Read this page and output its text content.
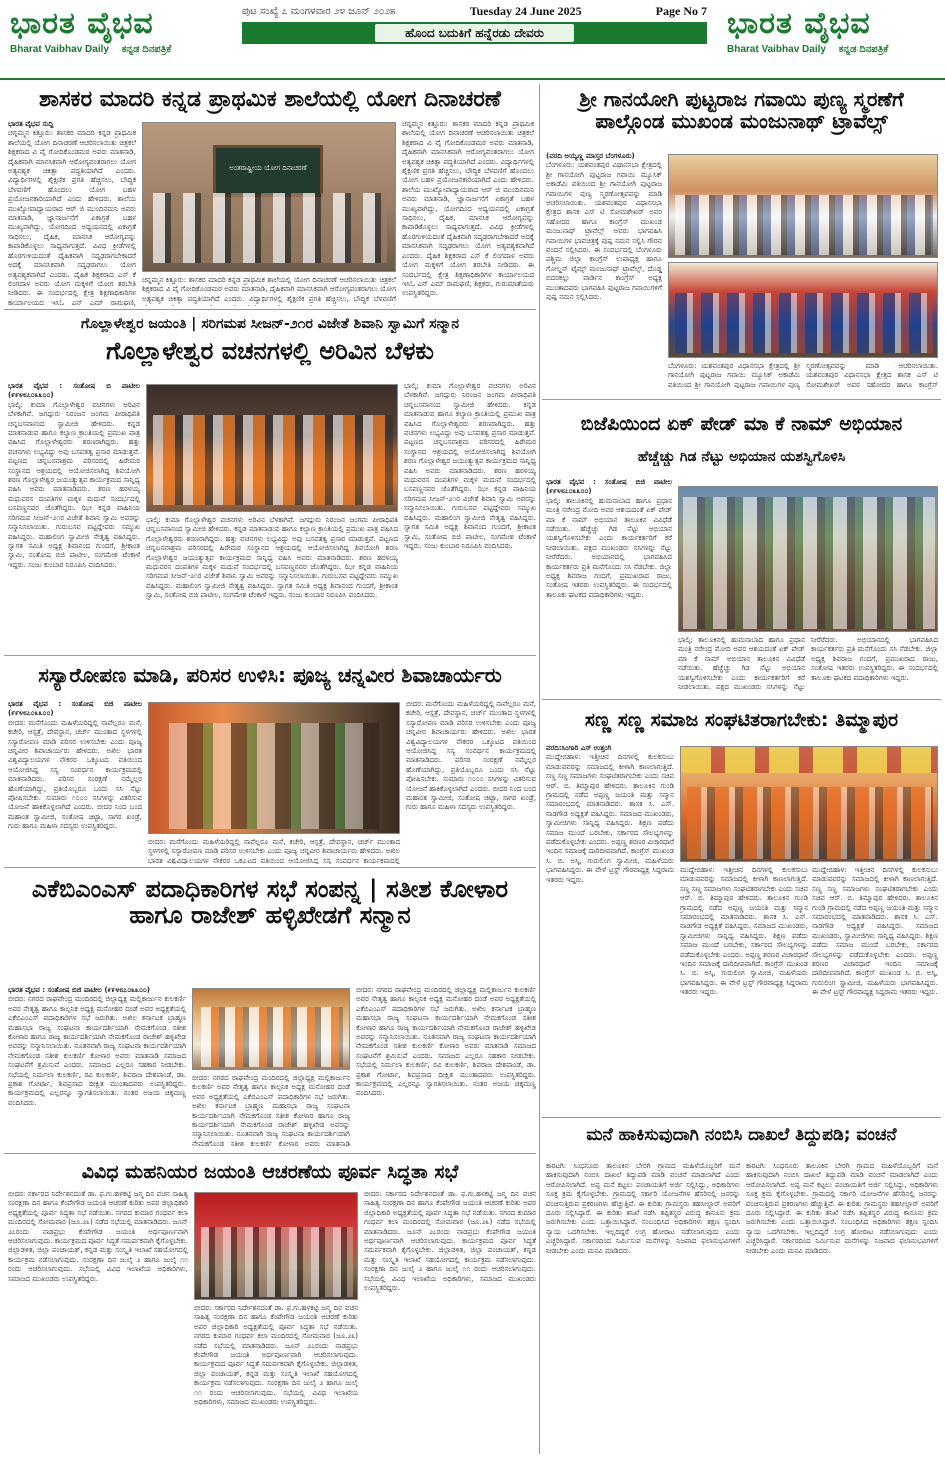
ಭಾರತ ವೈಭವ
Bharat Vaibhav Daily ಕನ್ನಡ ದಿನಪತ್ರಿಕೆ
ಪುಟ ಸಂಖ್ಯೆ ೭ ಮಂಗಳವಾರ ೨೪ ಜೂನ್ ೨೦೨೫	Tuesday 24 June 2025	Page No 7
ಹೊಂದ ಬದುಕಿಗೆ ಹನ್ನೆರಡು ದೇವರು	ಭಾರತ ವೈಭವ
Bharat Vaibhav Daily ಕನ್ನಡ ದಿನಪತ್ರಿಕೆ
ಶಾಸಕರ ಮಾದರಿ ಕನ್ನಡ ಪ್ರಾಥಮಿಕ ಶಾಲೆಯಲ್ಲಿ ಯೋಗ ದಿನಾಚರಣೆ
ಭಾರತ ವೈಭವ ಸುದ್ದಿ
ಚನ್ನಮ್ಮನ ಕಿತ್ತೂರು: ಶಾಸಕರ ಮಾದರಿ ಕನ್ನಡ ಪ್ರಾಥಮಿಕ ಶಾಲೆಯಲ್ಲಿ ಯೋಗ ದಿನಾಚರಣೆ ಆಚರಿಸಲಾಯಿತು ಚಿತ್ರಕಲೆ ಶಿಕ್ಷಕರಾದ ವಿ ವೈ ಗೋದಿಕೊಂಡಮಠ ಅವರು ಮಾತನಾಡಿ, ದೈಹಿಕವಾಗಿ ಮಾನಸಿಕವಾಗಿ ಆರೋಗ್ಯವಂತರಾಗಲು ಯೋಗ ಅತ್ಯವಶ್ಯಕ ಚಿಕಿತ್ಸಾ ಪದ್ಧತಿಯಾಗಿದೆ ಎಂದರು. ವಿದ್ಯಾರ್ಥಿಗಳಲ್ಲಿ ಶೈಕ್ಷಣಿಕ ಪ್ರಗತಿ ಹೆಚ್ಚಿಸಲು, ಬೌದ್ಧಿಕ ಬೆಳವಣಿಗೆ ಹೊಂದಲು ಯೋಗ ಬಹಳ ಪ್ರಯೋಜನಕಾರಿಯಾಗಿದೆ ಎಂದು ಹೇಳಿದರು. ಶಾಲೆಯ ಮುಖ್ಯೋಪಾಧ್ಯಾಯರಾದ ಆರ್ ಜಿ ಮುಂದಿನಮನಿ ಅವರು ಮಾತನಾಡಿ, ಜ್ಞಾನಾರ್ಜನೆಗೆ ಏಕಾಗ್ರತೆ ಬಹಳ ಮುಖ್ಯವಾಗಿದ್ದು, ಯೋಗದಿಂದ ಅಧ್ಯಯನದಲ್ಲಿ ಏಕಾಗ್ರತೆ ಸಾಧಿಸಲು, ದೈಹಿಕ, ಮಾನಸಿಕ ಆರೋಗ್ಯವನ್ನು ಕಾಪಾಡಿಕೊಳ್ಳಲು ಸಾಧ್ಯವಾಗುತ್ತದೆ. ವಿವಿಧ ಕ್ರೀಡೆಗಳಲ್ಲಿ ಹೊರಗುಳಿಯದಂತೆ ದೈಹಿಕವಾಗಿ ಸದೃಢರಾಗಬೇಕಾದರೆ ಅದಕ್ಕೆ ಮಾನಸಿಕವಾಗಿ ಸದೃಢರಾಗಲು ಯೋಗ ಅತ್ಯವಶ್ಯಕವಾಗಿದೆ ಎಂದರು. ದೈಹಿಕ ಶಿಕ್ಷಕರಾದ ಎಸ್ ಕೆ ಲಿಂಗದಾಳ ಅವರು ಯೋಗ ಮಕ್ಕಳಿಗೆ ಯೋಗ ತರಬೇತಿ ನೀಡಿದರು. ಈ ಸಂದರ್ಭದಲ್ಲಿ ಕ್ಷೇತ್ರ ಶಿಕ್ಷಣಾಧಿಕಾರಿಗಳ ಕಾರ್ಯಾಲಯದ ಇಸಿಓ ಎನ್ ಎಮ್ ರಾಮಘಣಿ,
ಅಂತರಾಷ್ಟ್ರೀಯ ಯೋಗ ದಿನಾಚರಣೆ
ಚನ್ನಮ್ಮನ ಕಿತ್ತೂರು: ಶಾಸಕರ ಮಾದರಿ ಕನ್ನಡ ಪ್ರಾಥಮಿಕ ಶಾಲೆಯಲ್ಲಿ ಯೋಗ ದಿನಾಚರಣೆ ಆಚರಿಸಲಾಯಿತು ಚಿತ್ರಕಲೆ ಶಿಕ್ಷಕರಾದ ವಿ ವೈ ಗೋದಿಕೊಂಡಮಠ ಅವರು ಮಾತನಾಡಿ, ದೈಹಿಕವಾಗಿ ಮಾನಸಿಕವಾಗಿ ಆರೋಗ್ಯವಂತರಾಗಲು ಯೋಗ ಅತ್ಯವಶ್ಯಕ ಚಿಕಿತ್ಸಾ ಪದ್ಧತಿಯಾಗಿದೆ ಎಂದರು. ವಿದ್ಯಾರ್ಥಿಗಳಲ್ಲಿ ಶೈಕ್ಷಣಿಕ ಪ್ರಗತಿ ಹೆಚ್ಚಿಸಲು, ಬೌದ್ಧಿಕ ಬೆಳವಣಿಗೆ
ಚನ್ನಮ್ಮನ ಕಿತ್ತೂರು: ಶಾಸಕರ ಮಾದರಿ ಕನ್ನಡ ಪ್ರಾಥಮಿಕ ಶಾಲೆಯಲ್ಲಿ ಯೋಗ ದಿನಾಚರಣೆ ಆಚರಿಸಲಾಯಿತು ಚಿತ್ರಕಲೆ ಶಿಕ್ಷಕರಾದ ವಿ ವೈ ಗೋದಿಕೊಂಡಮಠ ಅವರು ಮಾತನಾಡಿ, ದೈಹಿಕವಾಗಿ ಮಾನಸಿಕವಾಗಿ ಆರೋಗ್ಯವಂತರಾಗಲು ಯೋಗ ಅತ್ಯವಶ್ಯಕ ಚಿಕಿತ್ಸಾ ಪದ್ಧತಿಯಾಗಿದೆ ಎಂದರು. ವಿದ್ಯಾರ್ಥಿಗಳಲ್ಲಿ ಶೈಕ್ಷಣಿಕ ಪ್ರಗತಿ ಹೆಚ್ಚಿಸಲು, ಬೌದ್ಧಿಕ ಬೆಳವಣಿಗೆ ಹೊಂದಲು ಯೋಗ ಬಹಳ ಪ್ರಯೋಜನಕಾರಿಯಾಗಿದೆ ಎಂದು ಹೇಳಿದರು. ಶಾಲೆಯ ಮುಖ್ಯೋಪಾಧ್ಯಾಯರಾದ ಆರ್ ಜಿ ಮುಂದಿನಮನಿ ಅವರು ಮಾತನಾಡಿ, ಜ್ಞಾನಾರ್ಜನೆಗೆ ಏಕಾಗ್ರತೆ ಬಹಳ ಮುಖ್ಯವಾಗಿದ್ದು, ಯೋಗದಿಂದ ಅಧ್ಯಯನದಲ್ಲಿ ಏಕಾಗ್ರತೆ ಸಾಧಿಸಲು, ದೈಹಿಕ, ಮಾನಸಿಕ ಆರೋಗ್ಯವನ್ನು ಕಾಪಾಡಿಕೊಳ್ಳಲು ಸಾಧ್ಯವಾಗುತ್ತದೆ. ವಿವಿಧ ಕ್ರೀಡೆಗಳಲ್ಲಿ ಹೊರಗುಳಿಯದಂತೆ ದೈಹಿಕವಾಗಿ ಸದೃಢರಾಗಬೇಕಾದರೆ ಅದಕ್ಕೆ ಮಾನಸಿಕವಾಗಿ ಸದೃಢರಾಗಲು ಯೋಗ ಅತ್ಯವಶ್ಯಕವಾಗಿದೆ ಎಂದರು. ದೈಹಿಕ ಶಿಕ್ಷಕರಾದ ಎಸ್ ಕೆ ಲಿಂಗದಾಳ ಅವರು ಯೋಗ ಮಕ್ಕಳಿಗೆ ಯೋಗ ತರಬೇತಿ ನೀಡಿದರು. ಈ ಸಂದರ್ಭದಲ್ಲಿ ಕ್ಷೇತ್ರ ಶಿಕ್ಷಣಾಧಿಕಾರಿಗಳ ಕಾರ್ಯಾಲಯದ ಇಸಿಓ ಎನ್ ಎಮ್ ರಾಮಘಣಿ, ಶಿಕ್ಷಕರು, ಗುರುಮಾತೆಯರು ಉಪಸ್ಥಿತರಿದ್ದರು.
ಗೊಲ್ಲಾಳೇಶ್ವರ ಜಯಂತಿ | ಸರಿಗಮಪ ಸೀಜನ್-೨೧ರ ವಿಜೇತೆ ಶಿವಾನಿ ಸ್ವಾಮಿಗೆ ಸನ್ಮಾನ
ಗೊಲ್ಲಾಳೇಶ್ವರ ವಚನಗಳಲ್ಲಿ ಅರಿವಿನ ಬೆಳಕು
ಭಾರತ ವೈಭವ : ಸಂತೋಷ ಬಿ ಪಾಟೀಲ (೯೯೪೮೭೦೩೩೦೦)
ಭಾಲ್ಕಿ: ಕುಮಾ ಗೊಲ್ಲಾಳೇಶ್ವರ ವಚನಗಳು ಅರಿವಿನ ಬೆಳಕಾಗಿವೆ. ಜಗದ್ಗುರು ನಿರಂಜನ ಜಂಗಮ ಪೀಠಾಧಿಪತಿ ಚನ್ನಬಸವಾನಂದ ಸ್ವಾಮೀಜಿ ಹೇಳಿದರು. ಕನ್ನಡ ಮಾತನಾಡುವ ಹಾಗೂ ಕಲ್ಯಾಣ ಕ್ರಾಂತಿಯಲ್ಲಿ ಪ್ರಮುಖ ಪಾತ್ರ ವಹಿಸಿದ ಗೊಲ್ಲಾಳೇಶ್ವರರು ಶರಣರಾಗಿದ್ದರು. ಹತ್ತು ವಚನಗಳು ಲಭ್ಯವಿದ್ದು ಅವು ಬಸವತತ್ವ ಪ್ರಸಾರ ಮಾಡುತ್ತವೆ. ಪಟ್ಟಣದ ಚನ್ನಬಸವಾಶ್ರಮ ಪರಿಸರದಲ್ಲಿ ಹಿರೇಮಠ ಸಂಸ್ಥಾನದ ಆಶ್ರಯದಲ್ಲಿ ಆಯೋಜಿಸಲಾಗಿದ್ದ ಶಿವಯೋಗಿ ಶರಣ ಗೊಲ್ಲಾಳೇಶ್ವರ ಜಯಂತ್ಯುತ್ಸವ ಕಾರ್ಯಕ್ರಮದ ಸಾನ್ನಿಧ್ಯ ವಹಿಸಿ ಅವರು ಮಾತನಾಡಿದರು. ಶರಣ ಹರಳಯ್ಯ ಮಧುವರಸ ದಂಪತಿಗಳ ಮಕ್ಕಳ ಮದುವೆ ಸಂದರ್ಭದಲ್ಲಿ ಬಸವಣ್ಣನವರ ಜೊತೆಗಿದ್ದರು. ಝೀ ಕನ್ನಡ ವಾಹಿನಿಯ ಸರಿಗಮಪ ಸೀಜನ್-೨೧ರ ವಿಜೇತೆ ಶಿವಾನಿ ಸ್ವಾಮಿ ಅವರನ್ನು ಸನ್ಮಾನಿಸಲಾಯಿತು. ಗುರುಬಸವ ಪಟ್ಟದ್ದೇವರು ಸಮ್ಮುಖ ವಹಿಸಿದ್ದರು. ಮಹಾಲಿಂಗ ಸ್ವಾಮೀಜಿ ನೇತೃತ್ವ ವಹಿಸಿದ್ದರು. ಸ್ವಾಗತ ಸಮಿತಿ ಅಧ್ಯಕ್ಷ ಶಿವಾನಂದ ಗುಂದಗೆ, ಶ್ರೀಕಾಂತ ಸ್ವಾಮಿ, ಸಂತೋಷ ಬಿಜಿ ಪಾಟೀಲ, ಸಂಗಮೇಶ ಟೆಂಕಾಳೆ ಇದ್ದರು. ಸಂಜು ಕುಂಬಾರ ನಿರೂಪಿಸಿ ವಂದಿಸಿದರು.
ಭಾಲ್ಕಿ: ಕುಮಾ ಗೊಲ್ಲಾಳೇಶ್ವರ ವಚನಗಳು ಅರಿವಿನ ಬೆಳಕಾಗಿವೆ. ಜಗದ್ಗುರು ನಿರಂಜನ ಜಂಗಮ ಪೀಠಾಧಿಪತಿ ಚನ್ನಬಸವಾನಂದ ಸ್ವಾಮೀಜಿ ಹೇಳಿದರು. ಕನ್ನಡ ಮಾತನಾಡುವ ಹಾಗೂ ಕಲ್ಯಾಣ ಕ್ರಾಂತಿಯಲ್ಲಿ ಪ್ರಮುಖ ಪಾತ್ರ ವಹಿಸಿದ ಗೊಲ್ಲಾಳೇಶ್ವರರು ಶರಣರಾಗಿದ್ದರು. ಹತ್ತು ವಚನಗಳು ಲಭ್ಯವಿದ್ದು ಅವು ಬಸವತತ್ವ ಪ್ರಸಾರ ಮಾಡುತ್ತವೆ. ಪಟ್ಟಣದ ಚನ್ನಬಸವಾಶ್ರಮ ಪರಿಸರದಲ್ಲಿ ಹಿರೇಮಠ ಸಂಸ್ಥಾನದ ಆಶ್ರಯದಲ್ಲಿ ಆಯೋಜಿಸಲಾಗಿದ್ದ ಶಿವಯೋಗಿ ಶರಣ ಗೊಲ್ಲಾಳೇಶ್ವರ ಜಯಂತ್ಯುತ್ಸವ ಕಾರ್ಯಕ್ರಮದ ಸಾನ್ನಿಧ್ಯ ವಹಿಸಿ ಅವರು ಮಾತನಾಡಿದರು. ಶರಣ ಹರಳಯ್ಯ ಮಧುವರಸ ದಂಪತಿಗಳ ಮಕ್ಕಳ ಮದುವೆ ಸಂದರ್ಭದಲ್ಲಿ ಬಸವಣ್ಣನವರ ಜೊತೆಗಿದ್ದರು. ಝೀ ಕನ್ನಡ ವಾಹಿನಿಯ ಸರಿಗಮಪ ಸೀಜನ್-೨೧ರ ವಿಜೇತೆ ಶಿವಾನಿ ಸ್ವಾಮಿ ಅವರನ್ನು ಸನ್ಮಾನಿಸಲಾಯಿತು. ಗುರುಬಸವ ಪಟ್ಟದ್ದೇವರು ಸಮ್ಮುಖ ವಹಿಸಿದ್ದರು. ಮಹಾಲಿಂಗ ಸ್ವಾಮೀಜಿ ನೇತೃತ್ವ ವಹಿಸಿದ್ದರು. ಸ್ವಾಗತ ಸಮಿತಿ ಅಧ್ಯಕ್ಷ ಶಿವಾನಂದ ಗುಂದಗೆ, ಶ್ರೀಕಾಂತ ಸ್ವಾಮಿ, ಸಂತೋಷ ಬಿಜಿ ಪಾಟೀಲ, ಸಂಗಮೇಶ ಟೆಂಕಾಳೆ ಇದ್ದರು. ಸಂಜು ಕುಂಬಾರ ನಿರೂಪಿಸಿ ವಂದಿಸಿದರು.
ಭಾಲ್ಕಿ: ಕುಮಾ ಗೊಲ್ಲಾಳೇಶ್ವರ ವಚನಗಳು ಅರಿವಿನ ಬೆಳಕಾಗಿವೆ. ಜಗದ್ಗುರು ನಿರಂಜನ ಜಂಗಮ ಪೀಠಾಧಿಪತಿ ಚನ್ನಬಸವಾನಂದ ಸ್ವಾಮೀಜಿ ಹೇಳಿದರು. ಕನ್ನಡ ಮಾತನಾಡುವ ಹಾಗೂ ಕಲ್ಯಾಣ ಕ್ರಾಂತಿಯಲ್ಲಿ ಪ್ರಮುಖ ಪಾತ್ರ ವಹಿಸಿದ ಗೊಲ್ಲಾಳೇಶ್ವರರು ಶರಣರಾಗಿದ್ದರು. ಹತ್ತು ವಚನಗಳು ಲಭ್ಯವಿದ್ದು ಅವು ಬಸವತತ್ವ ಪ್ರಸಾರ ಮಾಡುತ್ತವೆ. ಪಟ್ಟಣದ ಚನ್ನಬಸವಾಶ್ರಮ ಪರಿಸರದಲ್ಲಿ ಹಿರೇಮಠ ಸಂಸ್ಥಾನದ ಆಶ್ರಯದಲ್ಲಿ ಆಯೋಜಿಸಲಾಗಿದ್ದ ಶಿವಯೋಗಿ ಶರಣ ಗೊಲ್ಲಾಳೇಶ್ವರ ಜಯಂತ್ಯುತ್ಸವ ಕಾರ್ಯಕ್ರಮದ ಸಾನ್ನಿಧ್ಯ ವಹಿಸಿ ಅವರು ಮಾತನಾಡಿದರು. ಶರಣ ಹರಳಯ್ಯ ಮಧುವರಸ ದಂಪತಿಗಳ ಮಕ್ಕಳ ಮದುವೆ ಸಂದರ್ಭದಲ್ಲಿ ಬಸವಣ್ಣನವರ ಜೊತೆಗಿದ್ದರು. ಝೀ ಕನ್ನಡ ವಾಹಿನಿಯ ಸರಿಗಮಪ ಸೀಜನ್-೨೧ರ ವಿಜೇತೆ ಶಿವಾನಿ ಸ್ವಾಮಿ ಅವರನ್ನು ಸನ್ಮಾನಿಸಲಾಯಿತು. ಗುರುಬಸವ ಪಟ್ಟದ್ದೇವರು ಸಮ್ಮುಖ ವಹಿಸಿದ್ದರು. ಮಹಾಲಿಂಗ ಸ್ವಾಮೀಜಿ ನೇತೃತ್ವ ವಹಿಸಿದ್ದರು. ಸ್ವಾಗತ ಸಮಿತಿ ಅಧ್ಯಕ್ಷ ಶಿವಾನಂದ ಗುಂದಗೆ, ಶ್ರೀಕಾಂತ ಸ್ವಾಮಿ, ಸಂತೋಷ ಬಿಜಿ ಪಾಟೀಲ, ಸಂಗಮೇಶ ಟೆಂಕಾಳೆ ಇದ್ದರು. ಸಂಜು ಕುಂಬಾರ ನಿರೂಪಿಸಿ ವಂದಿಸಿದರು.
ಸಸ್ಯಾರೋಪಣ ಮಾಡಿ, ಪರಿಸರ ಉಳಿಸಿ: ಪೂಜ್ಯ ಚನ್ನವೀರ ಶಿವಾಚಾರ್ಯರು
ಭಾರತ ವೈಭವ : ಸಂತೋಷ ಬಿಜಿ ಪಾಟೀಲ (೯೯೪೮೭೦೩೩೦೦)
ಬೀದರ: ಮನೆಗೊಂದು ಮಹಿಳೆಯರಿದ್ದಲ್ಲಿ ನಾವೆಲ್ಲರೂ ಮನೆ, ಕಚೇರಿ, ಆಸ್ಪತ್ರೆ, ದೇವಸ್ಥಾನ, ಚರ್ಚ್ ಮುಂತಾದ ಸ್ಥಳಗಳಲ್ಲಿ ಸಸ್ಯಾರೋಪಣ ಮಾಡಿ ಪರಿಸರ ಉಳಿಸಬೇಕು ಎಂದು ಪೂಜ್ಯ ಚನ್ನವೀರ ಶಿವಾಚಾರ್ಯರು ಹೇಳಿದರು. ಅಖಿಲ ಭಾರತ ವಿಶ್ವವಿದ್ಯಾಲಯಗಳ ನೌಕರರ ಒಕ್ಕೂಟದ ವತಿಯಿಂದ ಆಯೋಜಿಸಿದ್ದ ಸಸ್ಯ ಸಂವರ್ಧನ ಕಾರ್ಯಕ್ರಮದಲ್ಲಿ ಮಾತನಾಡಿದರು. ಪರಿಸರ ಸಂರಕ್ಷಣೆ ನಮ್ಮೆಲ್ಲರ ಹೊಣೆಯಾಗಿದ್ದು, ಪ್ರತಿಯೊಬ್ಬರೂ ಒಂದು ಸಸಿ ನೆಟ್ಟು ಪೋಷಿಸಬೇಕು. ಸುಮಾರು ೧೦೦೦ ಸಸಿಗಳನ್ನು ವಿತರಿಸುವ ಯೋಜನೆ ಹಾಕಿಕೊಳ್ಳಲಾಗಿದೆ ಎಂದರು. ಬೀದರ ನಿಂದ ಬಂದ ಮಹಾಂತ ಸ್ವಾಮೀಜಿ, ಸಂತೋಷ ಚಿಟ್ಟಾ, ಸಾಗರ ಖಂಡ್ರೆ, ಗುರು ಹಾಗೂ ಮಹಿಳಾ ಸದಸ್ಯರು ಉಪಸ್ಥಿತರಿದ್ದರು.
ಬೀದರ: ಮನೆಗೊಂದು ಮಹಿಳೆಯರಿದ್ದಲ್ಲಿ ನಾವೆಲ್ಲರೂ ಮನೆ, ಕಚೇರಿ, ಆಸ್ಪತ್ರೆ, ದೇವಸ್ಥಾನ, ಚರ್ಚ್ ಮುಂತಾದ ಸ್ಥಳಗಳಲ್ಲಿ ಸಸ್ಯಾರೋಪಣ ಮಾಡಿ ಪರಿಸರ ಉಳಿಸಬೇಕು ಎಂದು ಪೂಜ್ಯ ಚನ್ನವೀರ ಶಿವಾಚಾರ್ಯರು ಹೇಳಿದರು. ಅಖಿಲ ಭಾರತ ವಿಶ್ವವಿದ್ಯಾಲಯಗಳ ನೌಕರರ ಒಕ್ಕೂಟದ ವತಿಯಿಂದ ಆಯೋಜಿಸಿದ್ದ ಸಸ್ಯ ಸಂವರ್ಧನ ಕಾರ್ಯಕ್ರಮದಲ್ಲಿ
ಬೀದರ: ಮನೆಗೊಂದು ಮಹಿಳೆಯರಿದ್ದಲ್ಲಿ ನಾವೆಲ್ಲರೂ ಮನೆ, ಕಚೇರಿ, ಆಸ್ಪತ್ರೆ, ದೇವಸ್ಥಾನ, ಚರ್ಚ್ ಮುಂತಾದ ಸ್ಥಳಗಳಲ್ಲಿ ಸಸ್ಯಾರೋಪಣ ಮಾಡಿ ಪರಿಸರ ಉಳಿಸಬೇಕು ಎಂದು ಪೂಜ್ಯ ಚನ್ನವೀರ ಶಿವಾಚಾರ್ಯರು ಹೇಳಿದರು. ಅಖಿಲ ಭಾರತ ವಿಶ್ವವಿದ್ಯಾಲಯಗಳ ನೌಕರರ ಒಕ್ಕೂಟದ ವತಿಯಿಂದ ಆಯೋಜಿಸಿದ್ದ ಸಸ್ಯ ಸಂವರ್ಧನ ಕಾರ್ಯಕ್ರಮದಲ್ಲಿ ಮಾತನಾಡಿದರು. ಪರಿಸರ ಸಂರಕ್ಷಣೆ ನಮ್ಮೆಲ್ಲರ ಹೊಣೆಯಾಗಿದ್ದು, ಪ್ರತಿಯೊಬ್ಬರೂ ಒಂದು ಸಸಿ ನೆಟ್ಟು ಪೋಷಿಸಬೇಕು. ಸುಮಾರು ೧೦೦೦ ಸಸಿಗಳನ್ನು ವಿತರಿಸುವ ಯೋಜನೆ ಹಾಕಿಕೊಳ್ಳಲಾಗಿದೆ ಎಂದರು. ಬೀದರ ನಿಂದ ಬಂದ ಮಹಾಂತ ಸ್ವಾಮೀಜಿ, ಸಂತೋಷ ಚಿಟ್ಟಾ, ಸಾಗರ ಖಂಡ್ರೆ, ಗುರು ಹಾಗೂ ಮಹಿಳಾ ಸದಸ್ಯರು ಉಪಸ್ಥಿತರಿದ್ದರು.
ಎಕೆಬಿಎಂಎಸ್ ಪದಾಧಿಕಾರಿಗಳ ಸಭೆ ಸಂಪನ್ನ | ಸತೀಶ ಕೋಳಾರ ಹಾಗೂ ರಾಜೇಶ್ ಹಳ್ಳಿಖೇಡಗೆ ಸನ್ಮಾನ
ಭಾರತ ವೈಭವ : ಸಂತೋಷ ಬಿಜಿ ಪಾಟೀಲ (೯೯೪೮೭೦೩೩೦೦)
ಬೀದರ: ನಗರದ ರಾಘವೇಂದ್ರ ಮಂದಿರದಲ್ಲಿ ಜಿಲ್ಲಾಧ್ಯಕ್ಷ ಮಲ್ಲಿಕಾರ್ಜುನ ಕುಲಕರ್ಣಿ ಅವರ ನೇತೃತ್ವ ಹಾಗೂ ಕಾಲ್ಪನಿಕ ಅಧ್ಯಕ್ಷ ಮನೋಹರ ದಂಡೆ ಅವರ ಅಧ್ಯಕ್ಷತೆಯಲ್ಲಿ ಎಕೆಬಿಎಂಎಸ್ ಪದಾಧಿಕಾರಿಗಳ ಸಭೆ ಜರುಗಿತು. ಅಖಿಲ ಕರ್ನಾಟಕ ಬ್ರಾಹ್ಮಣ ಮಹಾಸಭಾ ರಾಜ್ಯ ಸಂಘಟನಾ ಕಾರ್ಯದರ್ಶಿಯಾಗಿ ನೇಮಕಗೊಂಡ ಸತೀಶ ಕೋಳಾರ ಹಾಗೂ ರಾಜ್ಯ ಕಾರ್ಯದರ್ಶಿಯಾಗಿ ನೇಮಕಗೊಂಡ ರಾಜೇಶ್ ಹಳ್ಳಿಖೇಡ ಅವರನ್ನು ಸನ್ಮಾನಿಸಲಾಯಿತು. ನೂತನವಾಗಿ ರಾಜ್ಯ ಸಂಘಟನಾ ಕಾರ್ಯದರ್ಶಿಯಾಗಿ ನೇಮಕಗೊಂಡ ಸತೀಶ ಕುಲಕರ್ಣಿ ಕೋಳಾರ ಅವರು ಮಾತನಾಡಿ ಸಮಾಜದ ಸಂಘಟನೆಗೆ ಶ್ರಮಿಸುವೆ ಎಂದರು. ಸಮಾಜದ ಎಲ್ಲರೂ ಸಹಕಾರ ನೀಡಬೇಕು. ಸಭೆಯಲ್ಲಿ ನಿರ್ಮಲಾ ಕುಲಕರ್ಣಿ, ರವಿ ಕುಲಕರ್ಣಿ, ಶಿವರಾಜ ದೇಶಪಾಂಡೆ, ಡಾ. ಪ್ರಕಾಶ ಗೋರ್ಟಾ, ಶಿವಪ್ರಸಾದ ದೀಕ್ಷಿತ ಮುಂತಾದವರು ಉಪಸ್ಥಿತರಿದ್ದರು. ಕಾರ್ಯಕ್ರಮದಲ್ಲಿ ಎಲ್ಲರನ್ನೂ ಸ್ವಾಗತಿಸಲಾಯಿತು. ನಂತರ ಅಜಯ ಚಿಕ್ಕಮಣ್ಣ ವಂದಿಸಿದರು.
ಬೀದರ: ನಗರದ ರಾಘವೇಂದ್ರ ಮಂದಿರದಲ್ಲಿ ಜಿಲ್ಲಾಧ್ಯಕ್ಷ ಮಲ್ಲಿಕಾರ್ಜುನ ಕುಲಕರ್ಣಿ ಅವರ ನೇತೃತ್ವ ಹಾಗೂ ಕಾಲ್ಪನಿಕ ಅಧ್ಯಕ್ಷ ಮನೋಹರ ದಂಡೆ ಅವರ ಅಧ್ಯಕ್ಷತೆಯಲ್ಲಿ ಎಕೆಬಿಎಂಎಸ್ ಪದಾಧಿಕಾರಿಗಳ ಸಭೆ ಜರುಗಿತು. ಅಖಿಲ ಕರ್ನಾಟಕ ಬ್ರಾಹ್ಮಣ ಮಹಾಸಭಾ ರಾಜ್ಯ ಸಂಘಟನಾ ಕಾರ್ಯದರ್ಶಿಯಾಗಿ ನೇಮಕಗೊಂಡ ಸತೀಶ ಕೋಳಾರ ಹಾಗೂ ರಾಜ್ಯ ಕಾರ್ಯದರ್ಶಿಯಾಗಿ ನೇಮಕಗೊಂಡ ರಾಜೇಶ್ ಹಳ್ಳಿಖೇಡ ಅವರನ್ನು ಸನ್ಮಾನಿಸಲಾಯಿತು. ನೂತನವಾಗಿ ರಾಜ್ಯ ಸಂಘಟನಾ ಕಾರ್ಯದರ್ಶಿಯಾಗಿ ನೇಮಕಗೊಂಡ ಸತೀಶ ಕುಲಕರ್ಣಿ ಕೋಳಾರ ಅವರು ಮಾತನಾಡಿ
ಬೀದರ: ನಗರದ ರಾಘವೇಂದ್ರ ಮಂದಿರದಲ್ಲಿ ಜಿಲ್ಲಾಧ್ಯಕ್ಷ ಮಲ್ಲಿಕಾರ್ಜುನ ಕುಲಕರ್ಣಿ ಅವರ ನೇತೃತ್ವ ಹಾಗೂ ಕಾಲ್ಪನಿಕ ಅಧ್ಯಕ್ಷ ಮನೋಹರ ದಂಡೆ ಅವರ ಅಧ್ಯಕ್ಷತೆಯಲ್ಲಿ ಎಕೆಬಿಎಂಎಸ್ ಪದಾಧಿಕಾರಿಗಳ ಸಭೆ ಜರುಗಿತು. ಅಖಿಲ ಕರ್ನಾಟಕ ಬ್ರಾಹ್ಮಣ ಮಹಾಸಭಾ ರಾಜ್ಯ ಸಂಘಟನಾ ಕಾರ್ಯದರ್ಶಿಯಾಗಿ ನೇಮಕಗೊಂಡ ಸತೀಶ ಕೋಳಾರ ಹಾಗೂ ರಾಜ್ಯ ಕಾರ್ಯದರ್ಶಿಯಾಗಿ ನೇಮಕಗೊಂಡ ರಾಜೇಶ್ ಹಳ್ಳಿಖೇಡ ಅವರನ್ನು ಸನ್ಮಾನಿಸಲಾಯಿತು. ನೂತನವಾಗಿ ರಾಜ್ಯ ಸಂಘಟನಾ ಕಾರ್ಯದರ್ಶಿಯಾಗಿ ನೇಮಕಗೊಂಡ ಸತೀಶ ಕುಲಕರ್ಣಿ ಕೋಳಾರ ಅವರು ಮಾತನಾಡಿ ಸಮಾಜದ ಸಂಘಟನೆಗೆ ಶ್ರಮಿಸುವೆ ಎಂದರು. ಸಮಾಜದ ಎಲ್ಲರೂ ಸಹಕಾರ ನೀಡಬೇಕು. ಸಭೆಯಲ್ಲಿ ನಿರ್ಮಲಾ ಕುಲಕರ್ಣಿ, ರವಿ ಕುಲಕರ್ಣಿ, ಶಿವರಾಜ ದೇಶಪಾಂಡೆ, ಡಾ. ಪ್ರಕಾಶ ಗೋರ್ಟಾ, ಶಿವಪ್ರಸಾದ ದೀಕ್ಷಿತ ಮುಂತಾದವರು ಉಪಸ್ಥಿತರಿದ್ದರು. ಕಾರ್ಯಕ್ರಮದಲ್ಲಿ ಎಲ್ಲರನ್ನೂ ಸ್ವಾಗತಿಸಲಾಯಿತು. ನಂತರ ಅಜಯ ಚಿಕ್ಕಮಣ್ಣ ವಂದಿಸಿದರು.
ವಿವಿಧ ಮಹನಿಯರ ಜಯಂತಿ ಆಚರಣೆಯ ಪೂರ್ವ ಸಿದ್ಧತಾ ಸಭೆ
ಬೀದರ: ಸರ್ಕಾರದ ನಿರ್ದೇಶನದಂತೆ ಡಾ. ಫ.ಗು.ಹಳಕಟ್ಟಿ ಜನ್ಮ ದಿನ ವಚನ ಸಾಹಿತ್ಯ ಸಂರಕ್ಷಣಾ ದಿನ ಹಾಗೂ ಕೆಂಪೇಗೌಡ ಜಯಂತಿ ಆಚರಣೆ ಕುರಿತು ಅಪರ ಜಿಲ್ಲಾಧಿಕಾರಿ ಅಧ್ಯಕ್ಷತೆಯಲ್ಲಿ ಪೂರ್ವ ಸಿದ್ಧತಾ ಸಭೆ ನಡೆಯಿತು. ನಗರದ ಕುಮಾರ ಗಂಧರ್ವ ಕಲಾ ಮಂದಿರದಲ್ಲಿ ಸೋಮವಾರ (ಜೂ.೨೩) ನಡೆದ ಸಭೆಯಲ್ಲಿ ಮಾತನಾಡಿದರು. ಜೂನ್ ೨೭ರಂದು ನಾಡಪ್ರಭು ಕೆಂಪೇಗೌಡ ಜಯಂತಿ ಅರ್ಥಪೂರ್ಣವಾಗಿ ಆಚರಿಸಲಾಗುವುದು. ಕಾರ್ಯಕ್ರಮದ ಪೂರ್ವ ಸಿದ್ಧತೆ ಸಮರ್ಪಕವಾಗಿ ಕೈಗೊಳ್ಳಬೇಕು. ಜಿಲ್ಲಾಡಳಿತ, ಜಿಲ್ಲಾ ಪಂಚಾಯತ್, ಕನ್ನಡ ಮತ್ತು ಸಂಸ್ಕೃತಿ ಇಲಾಖೆ ಸಹಯೋಗದಲ್ಲಿ ಕಾರ್ಯಕ್ರಮ ನಡೆಸಲಾಗುವುದು. ಸಂರಕ್ಷಣಾ ದಿನ ಜುಲೈ ೨ ಹಾಗೂ ಜುಲೈ ೧೧ ರಂದು ಆಚರಿಸಲಾಗುವುದು. ಸಭೆಯಲ್ಲಿ ವಿವಿಧ ಇಲಾಖೆಯ ಅಧಿಕಾರಿಗಳು, ಸಮಾಜದ ಮುಖಂಡರು ಉಪಸ್ಥಿತರಿದ್ದರು.
ಬೀದರ: ಸರ್ಕಾರದ ನಿರ್ದೇಶನದಂತೆ ಡಾ. ಫ.ಗು.ಹಳಕಟ್ಟಿ ಜನ್ಮ ದಿನ ವಚನ ಸಾಹಿತ್ಯ ಸಂರಕ್ಷಣಾ ದಿನ ಹಾಗೂ ಕೆಂಪೇಗೌಡ ಜಯಂತಿ ಆಚರಣೆ ಕುರಿತು ಅಪರ ಜಿಲ್ಲಾಧಿಕಾರಿ ಅಧ್ಯಕ್ಷತೆಯಲ್ಲಿ ಪೂರ್ವ ಸಿದ್ಧತಾ ಸಭೆ ನಡೆಯಿತು. ನಗರದ ಕುಮಾರ ಗಂಧರ್ವ ಕಲಾ ಮಂದಿರದಲ್ಲಿ ಸೋಮವಾರ (ಜೂ.೨೩) ನಡೆದ ಸಭೆಯಲ್ಲಿ ಮಾತನಾಡಿದರು. ಜೂನ್ ೨೭ರಂದು ನಾಡಪ್ರಭು ಕೆಂಪೇಗೌಡ ಜಯಂತಿ ಅರ್ಥಪೂರ್ಣವಾಗಿ ಆಚರಿಸಲಾಗುವುದು. ಕಾರ್ಯಕ್ರಮದ ಪೂರ್ವ ಸಿದ್ಧತೆ ಸಮರ್ಪಕವಾಗಿ ಕೈಗೊಳ್ಳಬೇಕು. ಜಿಲ್ಲಾಡಳಿತ, ಜಿಲ್ಲಾ ಪಂಚಾಯತ್, ಕನ್ನಡ ಮತ್ತು ಸಂಸ್ಕೃತಿ ಇಲಾಖೆ ಸಹಯೋಗದಲ್ಲಿ ಕಾರ್ಯಕ್ರಮ ನಡೆಸಲಾಗುವುದು. ಸಂರಕ್ಷಣಾ ದಿನ ಜುಲೈ ೨ ಹಾಗೂ ಜುಲೈ ೧೧ ರಂದು ಆಚರಿಸಲಾಗುವುದು. ಸಭೆಯಲ್ಲಿ ವಿವಿಧ ಇಲಾಖೆಯ ಅಧಿಕಾರಿಗಳು, ಸಮಾಜದ ಮುಖಂಡರು ಉಪಸ್ಥಿತರಿದ್ದರು.
ಬೀದರ: ಸರ್ಕಾರದ ನಿರ್ದೇಶನದಂತೆ ಡಾ. ಫ.ಗು.ಹಳಕಟ್ಟಿ ಜನ್ಮ ದಿನ ವಚನ ಸಾಹಿತ್ಯ ಸಂರಕ್ಷಣಾ ದಿನ ಹಾಗೂ ಕೆಂಪೇಗೌಡ ಜಯಂತಿ ಆಚರಣೆ ಕುರಿತು ಅಪರ ಜಿಲ್ಲಾಧಿಕಾರಿ ಅಧ್ಯಕ್ಷತೆಯಲ್ಲಿ ಪೂರ್ವ ಸಿದ್ಧತಾ ಸಭೆ ನಡೆಯಿತು. ನಗರದ ಕುಮಾರ ಗಂಧರ್ವ ಕಲಾ ಮಂದಿರದಲ್ಲಿ ಸೋಮವಾರ (ಜೂ.೨೩) ನಡೆದ ಸಭೆಯಲ್ಲಿ ಮಾತನಾಡಿದರು. ಜೂನ್ ೨೭ರಂದು ನಾಡಪ್ರಭು ಕೆಂಪೇಗೌಡ ಜಯಂತಿ ಅರ್ಥಪೂರ್ಣವಾಗಿ ಆಚರಿಸಲಾಗುವುದು. ಕಾರ್ಯಕ್ರಮದ ಪೂರ್ವ ಸಿದ್ಧತೆ ಸಮರ್ಪಕವಾಗಿ ಕೈಗೊಳ್ಳಬೇಕು. ಜಿಲ್ಲಾಡಳಿತ, ಜಿಲ್ಲಾ ಪಂಚಾಯತ್, ಕನ್ನಡ ಮತ್ತು ಸಂಸ್ಕೃತಿ ಇಲಾಖೆ ಸಹಯೋಗದಲ್ಲಿ ಕಾರ್ಯಕ್ರಮ ನಡೆಸಲಾಗುವುದು. ಸಂರಕ್ಷಣಾ ದಿನ ಜುಲೈ ೨ ಹಾಗೂ ಜುಲೈ ೧೧ ರಂದು ಆಚರಿಸಲಾಗುವುದು. ಸಭೆಯಲ್ಲಿ ವಿವಿಧ ಇಲಾಖೆಯ ಅಧಿಕಾರಿಗಳು, ಸಮಾಜದ ಮುಖಂಡರು ಉಪಸ್ಥಿತರಿದ್ದರು.
ಶ್ರೀ ಗಾನಯೋಗಿ ಪುಟ್ಟರಾಜ ಗವಾಯಿ ಪುಣ್ಯ ಸ್ಮರಣೆಗೆ ಪಾಲ್ಗೊಂಡ ಮುಖಂಡ ಮಂಜುನಾಥ್ ಟ್ರಾವೆಲ್ಸ್
(ವರದಿ ಅಯ್ಯಣ್ಣ ಮಾಸ್ತರ ಬೆಂಗಳೂರು)
ಬೆಂಗಳೂರು: ಯಶವಂತಪುರ ವಿಧಾನಸಭಾ ಕ್ಷೇತ್ರದಲ್ಲಿ ಶ್ರೀ ಗಾನಯೋಗಿ ಪುಟ್ಟರಾಜ ಗವಾಯಿ ಮ್ಯೂಸಿಕ್ ಅಕಾಡೆಮಿ ವತಿಯಿಂದ ಶ್ರೀ ಗಾನಯೋಗಿ ಪುಟ್ಟರಾಜ ಗವಾಯಿಗಳ ಪುಣ್ಯ ಸ್ಮರಣೋತ್ಸವವನ್ನು ಮಾಡಿ ಆಚರಿಸಲಾಯಿತು. ಯಶವಂತಪುರ ವಿಧಾನಸಭಾ ಕ್ಷೇತ್ರದ ಶಾಸಕ ಎಸ್ ಟಿ ಸೋಮಶೇಖರ್ ಅವರ ಸಹೋದರ ಹಾಗೂ ಕಾಂಗ್ರೆಸ್ ಮುಖಂಡ ಮಂಜುನಾಥ್ ಟ್ರಾವೆಲ್ಸ್ ಅವರು ಭಾಗವಹಿಸಿ ಗವಾಯಿಗಳ ಭಾವಚಿತ್ರಕ್ಕೆ ಪುಷ್ಪ ನಮನ ಸಲ್ಲಿಸಿ ಗೌರವ ವಂದನೆ ಸಲ್ಲಿಸಿದರು. ಈ ಸಂದರ್ಭದಲ್ಲಿ ಬೆಂಗಳೂರು ಪಶ್ಚಿಮ ಜಿಲ್ಲಾ ಕಾಂಗ್ರೆಸ್ ಉಪಾಧ್ಯಕ್ಷ ಹಾಗೂ ಗೋಲ್ಡನ್ ಟೈಮ್ಸ್ ಮಂಜುನಾಥ್ ಟ್ರಾವೆಲ್ಸ್, ದೊಡ್ಡ ಬಿದರಕಲ್ಲು ವಾರ್ಡಿನ ಕಾಂಗ್ರೆಸ್ ಅಧ್ಯಕ್ಷ ಮುಂತಾದವರು ಭಾಗವಹಿಸಿ ಪುಟ್ಟರಾಜ ಗವಾಯಿಗಳಿಗೆ ಪುಷ್ಪ ನಮನ ಸಲ್ಲಿಸಿದರು.
ಬೆಂಗಳೂರು: ಯಶವಂತಪುರ ವಿಧಾನಸಭಾ ಕ್ಷೇತ್ರದಲ್ಲಿ ಶ್ರೀ ಗಾನಯೋಗಿ ಪುಟ್ಟರಾಜ ಗವಾಯಿ ಮ್ಯೂಸಿಕ್ ಅಕಾಡೆಮಿ ವತಿಯಿಂದ ಶ್ರೀ ಗಾನಯೋಗಿ ಪುಟ್ಟರಾಜ ಗವಾಯಿಗಳ ಪುಣ್ಯ ಸ್ಮರಣೋತ್ಸವವನ್ನು ಮಾಡಿ ಆಚರಿಸಲಾಯಿತು. ಯಶವಂತಪುರ ವಿಧಾನಸಭಾ ಕ್ಷೇತ್ರದ ಶಾಸಕ ಎಸ್ ಟಿ ಸೋಮಶೇಖರ್ ಅವರ ಸಹೋದರ ಹಾಗೂ ಕಾಂಗ್ರೆಸ್
ಬಿಜೆಪಿಯಿಂದ ಏಕ್ ಪೇಡ್ ಮಾ ಕೆ ನಾಮ್ ಅಭಿಯಾನ
ಹೆಚ್ಚೆಚ್ಚು ಗಿಡ ನೆಟ್ಟು ಅಭಿಯಾನ ಯಶಸ್ವಿಗೊಳಿಸಿ
ಭಾರತ ವೈಭವ : ಸಂತೋಷ ಬಿಜಿ ಪಾಟೀಲ (೯೯೪೮೭೦೩೩೦೦)
ಭಾಲ್ಕಿ: ತಾಲೂಕಿನಲ್ಲಿ ಹುಮನಾಬಾದ ಹಾಗೂ ಪ್ರಧಾನ ಮಂತ್ರಿ ನರೇಂದ್ರ ಮೋದಿ ಅವರ ಆಶಯದಂತೆ ಏಕ್ ಪೇಡ್ ಮಾ ಕೆ ನಾಮ್ ಅಭಿಯಾನ ತಾಲೂಕಿನ ವಿವಿಧೆಡೆ ನಡೆಯಿತು. ಹೆಚ್ಚೆಚ್ಚು ಗಿಡ ನೆಟ್ಟು ಅಭಿಯಾನ ಯಶಸ್ವಿಗೊಳಿಸಬೇಕು ಎಂದು ಕಾರ್ಯಕರ್ತರಿಗೆ ಕರೆ ನೀಡಲಾಯಿತು. ಪಕ್ಷದ ಮುಖಂಡರು ಸಸಿಗಳನ್ನು ನೆಟ್ಟು ನೀರೆರೆದರು. ಅಭಿಯಾನದಲ್ಲಿ ಭಾಗವಹಿಸಿದ ಕಾರ್ಯಕರ್ತರು ಪ್ರತಿ ಮನೆಗೊಂದು ಸಸಿ ನೆಡಬೇಕು. ಜಿಲ್ಲಾ ಅಧ್ಯಕ್ಷ ಶಿವರಾಜ ಗಂದಗೆ, ಪ್ರಮುಖರಾದ ರಾಜು, ಸಂತೋಷ ಇತರರು ಉಪಸ್ಥಿತರಿದ್ದರು. ಈ ಸಂದರ್ಭದಲ್ಲಿ ತಾಲೂಕು ಘಟಕದ ಪದಾಧಿಕಾರಿಗಳು ಇದ್ದರು.
ಭಾಲ್ಕಿ: ತಾಲೂಕಿನಲ್ಲಿ ಹುಮನಾಬಾದ ಹಾಗೂ ಪ್ರಧಾನ ಮಂತ್ರಿ ನರೇಂದ್ರ ಮೋದಿ ಅವರ ಆಶಯದಂತೆ ಏಕ್ ಪೇಡ್ ಮಾ ಕೆ ನಾಮ್ ಅಭಿಯಾನ ತಾಲೂಕಿನ ವಿವಿಧೆಡೆ ನಡೆಯಿತು. ಹೆಚ್ಚೆಚ್ಚು ಗಿಡ ನೆಟ್ಟು ಅಭಿಯಾನ ಯಶಸ್ವಿಗೊಳಿಸಬೇಕು ಎಂದು ಕಾರ್ಯಕರ್ತರಿಗೆ ಕರೆ ನೀಡಲಾಯಿತು. ಪಕ್ಷದ ಮುಖಂಡರು ಸಸಿಗಳನ್ನು ನೆಟ್ಟು ನೀರೆರೆದರು. ಅಭಿಯಾನದಲ್ಲಿ ಭಾಗವಹಿಸಿದ ಕಾರ್ಯಕರ್ತರು ಪ್ರತಿ ಮನೆಗೊಂದು ಸಸಿ ನೆಡಬೇಕು. ಜಿಲ್ಲಾ ಅಧ್ಯಕ್ಷ ಶಿವರಾಜ ಗಂದಗೆ, ಪ್ರಮುಖರಾದ ರಾಜು, ಸಂತೋಷ ಇತರರು ಉಪಸ್ಥಿತರಿದ್ದರು. ಈ ಸಂದರ್ಭದಲ್ಲಿ ತಾಲೂಕು ಘಟಕದ ಪದಾಧಿಕಾರಿಗಳು ಇದ್ದರು.
ಸಣ್ಣ ಸಣ್ಣ ಸಮಾಜ ಸಂಘಟಿತರಾಗಬೇಕು: ತಿಮ್ಮಾಪುರ
ವರದಿ:ಸಿಂಗಾರಿ ಎಸ್ ಉತ್ತಂಗಿ
ಮುದ್ದೇಬಿಹಾಳ: ಇತ್ತೀಚಿನ ದಿನಗಳಲ್ಲಿ ಕುಲಕಸುಬು ಮಾಡುವವರನ್ನು ಸಮಾಜದಲ್ಲಿ ಕೀಳಾಗಿ ಕಾಣಲಾಗುತ್ತಿದೆ. ಸಣ್ಣ ಸಣ್ಣ ಸಮಾಜಗಳು ಸಂಘಟಿತರಾಗಬೇಕು ಎಂದು ಸಚಿವ ಆರ್. ಬಿ. ತಿಮ್ಮಾಪುರ ಹೇಳಿದರು. ತಾಲೂಕಿನ ಗುಂಡಿ ಗ್ರಾಮದಲ್ಲಿ ನಡೆದ ಅಪ್ಪಣ್ಣ ಜಯಂತಿ ಮತ್ತು ಸನ್ಮಾನ ಸಮಾರಂಭದಲ್ಲಿ ಮಾತನಾಡಿದರು. ಶಾಸಕ ಸಿ. ಎಸ್. ನಾಡಗೌಡ ಅಧ್ಯಕ್ಷತೆ ವಹಿಸಿದ್ದರು. ಸಮಾಜದ ಮುಖಂಡರು, ಸ್ವಾಮೀಜಿಗಳು ಸಾನ್ನಿಧ್ಯ ವಹಿಸಿದ್ದರು. ಶಿಕ್ಷಣ ಪಡೆದು ಸಮಾಜ ಮುಂದೆ ಬರಬೇಕು, ಸರ್ಕಾರದ ಸೌಲಭ್ಯಗಳನ್ನು ಪಡೆದುಕೊಳ್ಳಬೇಕು ಎಂದರು. ಅಪ್ಪಣ್ಣ ಶರಣರ ವಿಚಾರಧಾರೆ ಇಂದಿನ ಸಮಾಜಕ್ಕೆ ದಾರಿದೀಪವಾಗಿದೆ. ಕಾಂಗ್ರೆಸ್ ಮುಖಂಡ ಸಿ. ಬಿ. ಅಸ್ಕಿ, ಗುರುಲಿಂಗ ಸ್ವಾಮೀಜಿ, ಮಹಿಳೆಯರು ಭಾಗವಹಿಸಿದ್ದರು. ಈ ವೇಳೆ ಟ್ರಸ್ಟ್ ಗೌರವಾಧ್ಯಕ್ಷ ಸಿದ್ದರಾಮ ಇತರರು ಇದ್ದರು.
ಮುದ್ದೇಬಿಹಾಳ: ಇತ್ತೀಚಿನ ದಿನಗಳಲ್ಲಿ ಕುಲಕಸುಬು ಮಾಡುವವರನ್ನು ಸಮಾಜದಲ್ಲಿ ಕೀಳಾಗಿ ಕಾಣಲಾಗುತ್ತಿದೆ. ಸಣ್ಣ ಸಣ್ಣ ಸಮಾಜಗಳು ಸಂಘಟಿತರಾಗಬೇಕು ಎಂದು ಸಚಿವ ಆರ್. ಬಿ. ತಿಮ್ಮಾಪುರ ಹೇಳಿದರು. ತಾಲೂಕಿನ ಗುಂಡಿ ಗ್ರಾಮದಲ್ಲಿ ನಡೆದ ಅಪ್ಪಣ್ಣ ಜಯಂತಿ ಮತ್ತು ಸನ್ಮಾನ ಸಮಾರಂಭದಲ್ಲಿ ಮಾತನಾಡಿದರು. ಶಾಸಕ ಸಿ. ಎಸ್. ನಾಡಗೌಡ ಅಧ್ಯಕ್ಷತೆ ವಹಿಸಿದ್ದರು. ಸಮಾಜದ ಮುಖಂಡರು, ಸ್ವಾಮೀಜಿಗಳು ಸಾನ್ನಿಧ್ಯ ವಹಿಸಿದ್ದರು. ಶಿಕ್ಷಣ ಪಡೆದು ಸಮಾಜ ಮುಂದೆ ಬರಬೇಕು, ಸರ್ಕಾರದ ಸೌಲಭ್ಯಗಳನ್ನು ಪಡೆದುಕೊಳ್ಳಬೇಕು ಎಂದರು. ಅಪ್ಪಣ್ಣ ಶರಣರ ವಿಚಾರಧಾರೆ ಇಂದಿನ ಸಮಾಜಕ್ಕೆ ದಾರಿದೀಪವಾಗಿದೆ. ಕಾಂಗ್ರೆಸ್ ಮುಖಂಡ ಸಿ. ಬಿ. ಅಸ್ಕಿ, ಗುರುಲಿಂಗ ಸ್ವಾಮೀಜಿ, ಮಹಿಳೆಯರು ಭಾಗವಹಿಸಿದ್ದರು. ಈ ವೇಳೆ ಟ್ರಸ್ಟ್ ಗೌರವಾಧ್ಯಕ್ಷ ಸಿದ್ದರಾಮ ಇತರರು ಇದ್ದರು.
ಮುದ್ದೇಬಿಹಾಳ: ಇತ್ತೀಚಿನ ದಿನಗಳಲ್ಲಿ ಕುಲಕಸುಬು ಮಾಡುವವರನ್ನು ಸಮಾಜದಲ್ಲಿ ಕೀಳಾಗಿ ಕಾಣಲಾಗುತ್ತಿದೆ. ಸಣ್ಣ ಸಣ್ಣ ಸಮಾಜಗಳು ಸಂಘಟಿತರಾಗಬೇಕು ಎಂದು ಸಚಿವ ಆರ್. ಬಿ. ತಿಮ್ಮಾಪುರ ಹೇಳಿದರು. ತಾಲೂಕಿನ ಗುಂಡಿ ಗ್ರಾಮದಲ್ಲಿ ನಡೆದ ಅಪ್ಪಣ್ಣ ಜಯಂತಿ ಮತ್ತು ಸನ್ಮಾನ ಸಮಾರಂಭದಲ್ಲಿ ಮಾತನಾಡಿದರು. ಶಾಸಕ ಸಿ. ಎಸ್. ನಾಡಗೌಡ ಅಧ್ಯಕ್ಷತೆ ವಹಿಸಿದ್ದರು. ಸಮಾಜದ ಮುಖಂಡರು, ಸ್ವಾಮೀಜಿಗಳು ಸಾನ್ನಿಧ್ಯ ವಹಿಸಿದ್ದರು. ಶಿಕ್ಷಣ ಪಡೆದು ಸಮಾಜ ಮುಂದೆ ಬರಬೇಕು, ಸರ್ಕಾರದ ಸೌಲಭ್ಯಗಳನ್ನು ಪಡೆದುಕೊಳ್ಳಬೇಕು ಎಂದರು. ಅಪ್ಪಣ್ಣ ಶರಣರ ವಿಚಾರಧಾರೆ ಇಂದಿನ ಸಮಾಜಕ್ಕೆ ದಾರಿದೀಪವಾಗಿದೆ. ಕಾಂಗ್ರೆಸ್ ಮುಖಂಡ ಸಿ. ಬಿ. ಅಸ್ಕಿ, ಗುರುಲಿಂಗ ಸ್ವಾಮೀಜಿ, ಮಹಿಳೆಯರು ಭಾಗವಹಿಸಿದ್ದರು. ಈ ವೇಳೆ ಟ್ರಸ್ಟ್ ಗೌರವಾಧ್ಯಕ್ಷ ಸಿದ್ದರಾಮ ಇತರರು ಇದ್ದರು.
ಮನೆ ಹಾಕಿಸುವುದಾಗಿ ನಂಬಿಸಿ ದಾಖಲೆ ತಿದ್ದುಪಡಿ; ವಂಚನೆ
ಕಾರಟಗಿ: ಸಿಂಧನೂರು ತಾಲೂಕಿನ ಬೇರಗಿ ಗ್ರಾಮದ ಮಹಿಳೆಯೊಬ್ಬರಿಗೆ ಮನೆ ಹಾಕಿಸುವುದಾಗಿ ನಂಬಿಸಿ ದಾಖಲೆ ತಿದ್ದುಪಡಿ ಮಾಡಿ ವಂಚನೆ ಮಾಡಲಾಗಿದೆ ಎಂದು ಆರೋಪಿಸಲಾಗಿದೆ. ಅಪ್ಪ ಮನೆ ಕಟ್ಟಲು ಪಂಚಾಯತಿಗೆ ಅರ್ಜಿ ಸಲ್ಲಿಸಿದ್ದು, ಅಧಿಕಾರಿಗಳು ಸೂಕ್ತ ಕ್ರಮ ಕೈಗೊಳ್ಳಬೇಕು. ಗ್ರಾಮದಲ್ಲಿ ಸರ್ಕಾರಿ ಯೋಜನೆಗಳ ಹೆಸರಿನಲ್ಲಿ ಜನರನ್ನು ವಂಚಿಸುತ್ತಿರುವ ಪ್ರಕರಣಗಳು ಹೆಚ್ಚುತ್ತಿವೆ. ಈ ಕುರಿತು ಗ್ರಾಮಸ್ಥರು ತಹಸೀಲ್ದಾರ್ ಅವರಿಗೆ ದೂರು ಸಲ್ಲಿಸಿದ್ದಾರೆ. ಈ ಕುರಿತು ತನಿಖೆ ನಡೆಸಿ ತಪ್ಪಿತಸ್ಥರ ವಿರುದ್ಧ ಕಾನೂನು ಕ್ರಮ ಜರುಗಿಸಬೇಕು ಎಂದು ಒತ್ತಾಯಿಸಿದ್ದಾರೆ. ಸಂಬಂಧಿಸಿದ ಅಧಿಕಾರಿಗಳು ತಕ್ಷಣ ಸ್ಪಂದಿಸಿ ನ್ಯಾಯ ಒದಗಿಸಬೇಕು. ಇಲ್ಲದಿದ್ದರೆ ಉಗ್ರ ಹೋರಾಟ ನಡೆಸಲಾಗುವುದು ಎಂದು ಎಚ್ಚರಿಸಿದ್ದಾರೆ. ಸರ್ಕಾರದಿಂದ ನಿರ್ಮಿಸುವ ಮನೆಗಳನ್ನು ನಿಜವಾದ ಫಲಾನುಭವಿಗಳಿಗೆ ನೀಡಬೇಕು ಎಂದು ಮನವಿ ಮಾಡಿದರು.
ಕಾರಟಗಿ: ಸಿಂಧನೂರು ತಾಲೂಕಿನ ಬೇರಗಿ ಗ್ರಾಮದ ಮಹಿಳೆಯೊಬ್ಬರಿಗೆ ಮನೆ ಹಾಕಿಸುವುದಾಗಿ ನಂಬಿಸಿ ದಾಖಲೆ ತಿದ್ದುಪಡಿ ಮಾಡಿ ವಂಚನೆ ಮಾಡಲಾಗಿದೆ ಎಂದು ಆರೋಪಿಸಲಾಗಿದೆ. ಅಪ್ಪ ಮನೆ ಕಟ್ಟಲು ಪಂಚಾಯತಿಗೆ ಅರ್ಜಿ ಸಲ್ಲಿಸಿದ್ದು, ಅಧಿಕಾರಿಗಳು ಸೂಕ್ತ ಕ್ರಮ ಕೈಗೊಳ್ಳಬೇಕು. ಗ್ರಾಮದಲ್ಲಿ ಸರ್ಕಾರಿ ಯೋಜನೆಗಳ ಹೆಸರಿನಲ್ಲಿ ಜನರನ್ನು ವಂಚಿಸುತ್ತಿರುವ ಪ್ರಕರಣಗಳು ಹೆಚ್ಚುತ್ತಿವೆ. ಈ ಕುರಿತು ಗ್ರಾಮಸ್ಥರು ತಹಸೀಲ್ದಾರ್ ಅವರಿಗೆ ದೂರು ಸಲ್ಲಿಸಿದ್ದಾರೆ. ಈ ಕುರಿತು ತನಿಖೆ ನಡೆಸಿ ತಪ್ಪಿತಸ್ಥರ ವಿರುದ್ಧ ಕಾನೂನು ಕ್ರಮ ಜರುಗಿಸಬೇಕು ಎಂದು ಒತ್ತಾಯಿಸಿದ್ದಾರೆ. ಸಂಬಂಧಿಸಿದ ಅಧಿಕಾರಿಗಳು ತಕ್ಷಣ ಸ್ಪಂದಿಸಿ ನ್ಯಾಯ ಒದಗಿಸಬೇಕು. ಇಲ್ಲದಿದ್ದರೆ ಉಗ್ರ ಹೋರಾಟ ನಡೆಸಲಾಗುವುದು ಎಂದು ಎಚ್ಚರಿಸಿದ್ದಾರೆ. ಸರ್ಕಾರದಿಂದ ನಿರ್ಮಿಸುವ ಮನೆಗಳನ್ನು ನಿಜವಾದ ಫಲಾನುಭವಿಗಳಿಗೆ ನೀಡಬೇಕು ಎಂದು ಮನವಿ ಮಾಡಿದರು.
